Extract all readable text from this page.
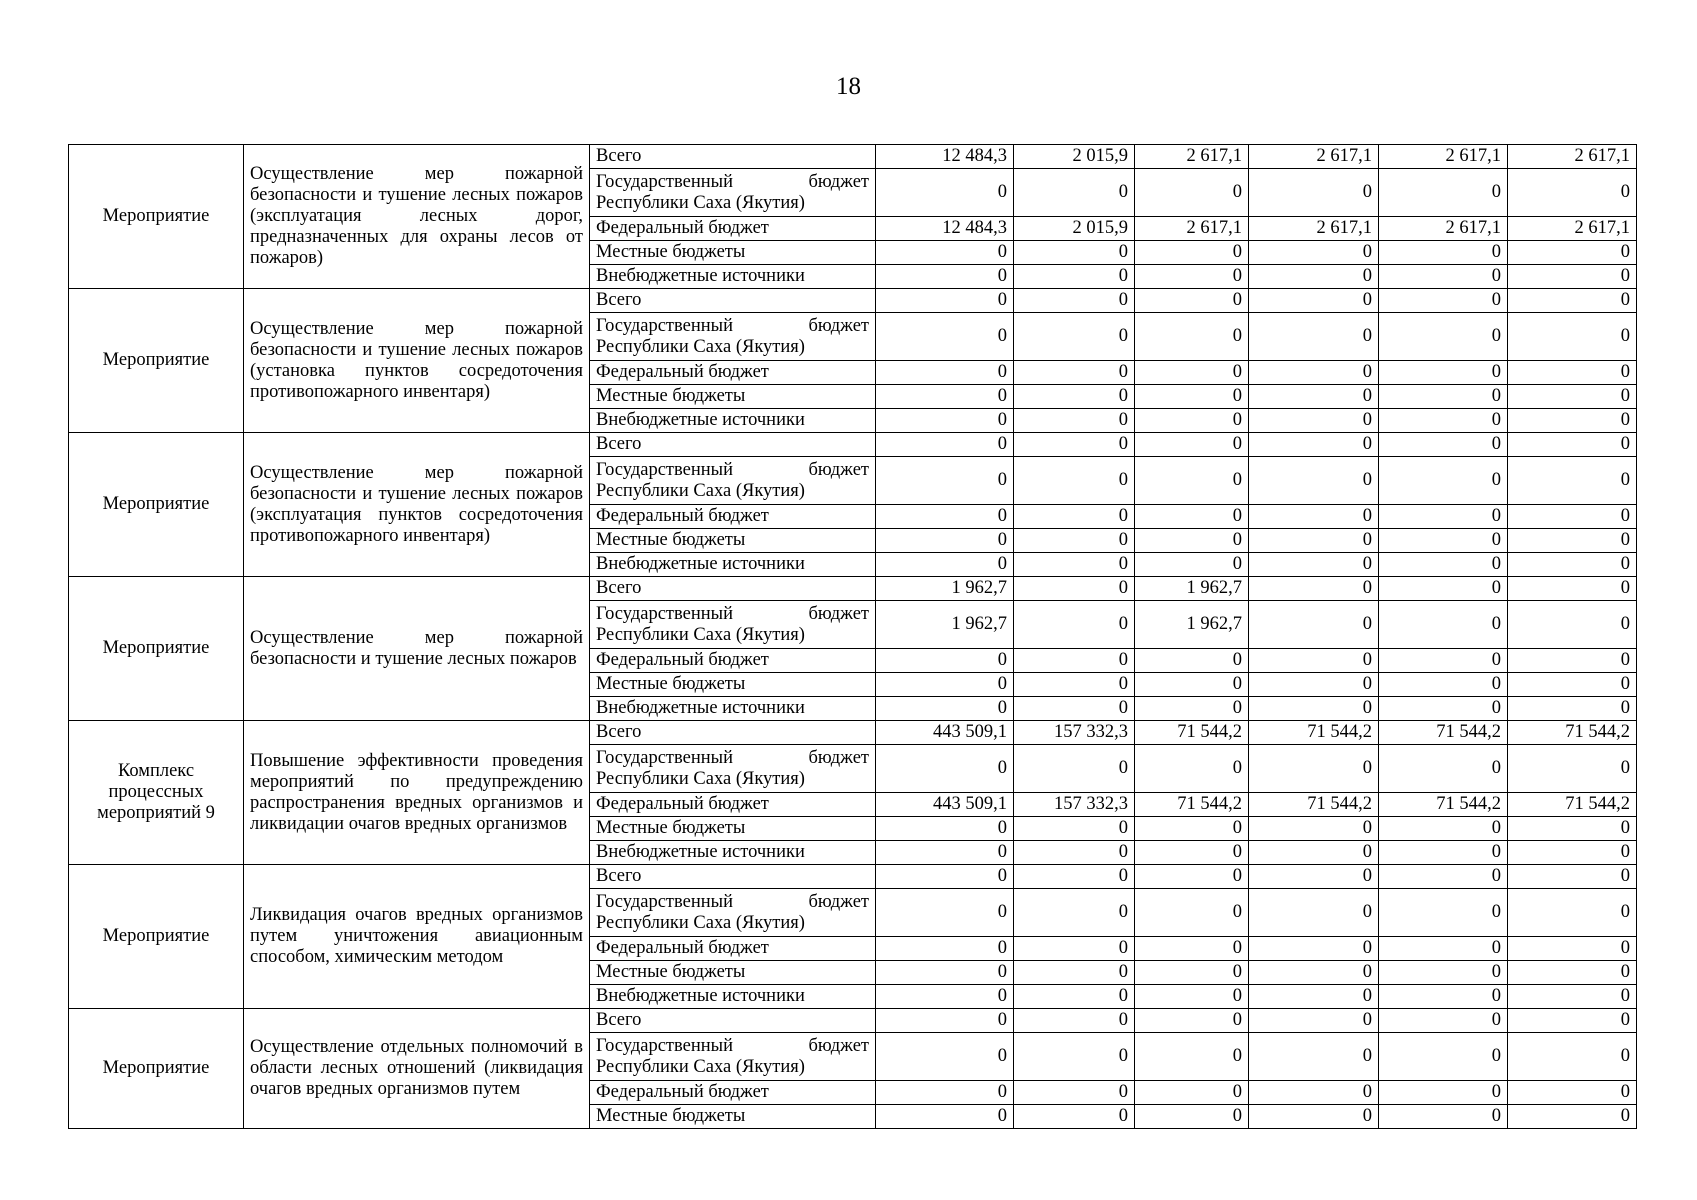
18
Мероприятие	Осуществление мер пожарной безопасности и тушение лесных пожаров (эксплуатация лесных дорог, предназначенных для охраны лесов от пожаров)	Всего	12 484,3	2 015,9	2 617,1	2 617,1	2 617,1	2 617,1
		Государственный бюджет Республики Саха (Якутия)	0	0	0	0	0	0
		Федеральный бюджет	12 484,3	2 015,9	2 617,1	2 617,1	2 617,1	2 617,1
		Местные бюджеты	0	0	0	0	0	0
		Внебюджетные источники	0	0	0	0	0	0
Мероприятие	Осуществление мер пожарной безопасности и тушение лесных пожаров (установка пунктов сосредоточения противопожарного инвентаря)	Всего	0	0	0	0	0	0
		Государственный бюджет Республики Саха (Якутия)	0	0	0	0	0	0
		Федеральный бюджет	0	0	0	0	0	0
		Местные бюджеты	0	0	0	0	0	0
		Внебюджетные источники	0	0	0	0	0	0
Мероприятие	Осуществление мер пожарной безопасности и тушение лесных пожаров (эксплуатация пунктов сосредоточения противопожарного инвентаря)	Всего	0	0	0	0	0	0
		Государственный бюджет Республики Саха (Якутия)	0	0	0	0	0	0
		Федеральный бюджет	0	0	0	0	0	0
		Местные бюджеты	0	0	0	0	0	0
		Внебюджетные источники	0	0	0	0	0	0
Мероприятие	Осуществление мер пожарной безопасности и тушение лесных пожаров	Всего	1 962,7	0	1 962,7	0	0	0
		Государственный бюджет Республики Саха (Якутия)	1 962,7	0	1 962,7	0	0	0
		Федеральный бюджет	0	0	0	0	0	0
		Местные бюджеты	0	0	0	0	0	0
		Внебюджетные источники	0	0	0	0	0	0
Комплекс процессных мероприятий 9	Повышение эффективности проведения мероприятий по предупреждению распространения вредных организмов и ликвидации очагов вредных организмов	Всего	443 509,1	157 332,3	71 544,2	71 544,2	71 544,2	71 544,2
		Государственный бюджет Республики Саха (Якутия)	0	0	0	0	0	0
		Федеральный бюджет	443 509,1	157 332,3	71 544,2	71 544,2	71 544,2	71 544,2
		Местные бюджеты	0	0	0	0	0	0
		Внебюджетные источники	0	0	0	0	0	0
Мероприятие	Ликвидация очагов вредных организмов путем уничтожения авиационным способом, химическим методом	Всего	0	0	0	0	0	0
		Государственный бюджет Республики Саха (Якутия)	0	0	0	0	0	0
		Федеральный бюджет	0	0	0	0	0	0
		Местные бюджеты	0	0	0	0	0	0
		Внебюджетные источники	0	0	0	0	0	0
Мероприятие	Осуществление отдельных полномочий в области лесных отношений (ликвидация очагов вредных организмов путем	Всего	0	0	0	0	0	0
		Государственный бюджет Республики Саха (Якутия)	0	0	0	0	0	0
		Федеральный бюджет	0	0	0	0	0	0
		Местные бюджеты	0	0	0	0	0	0
